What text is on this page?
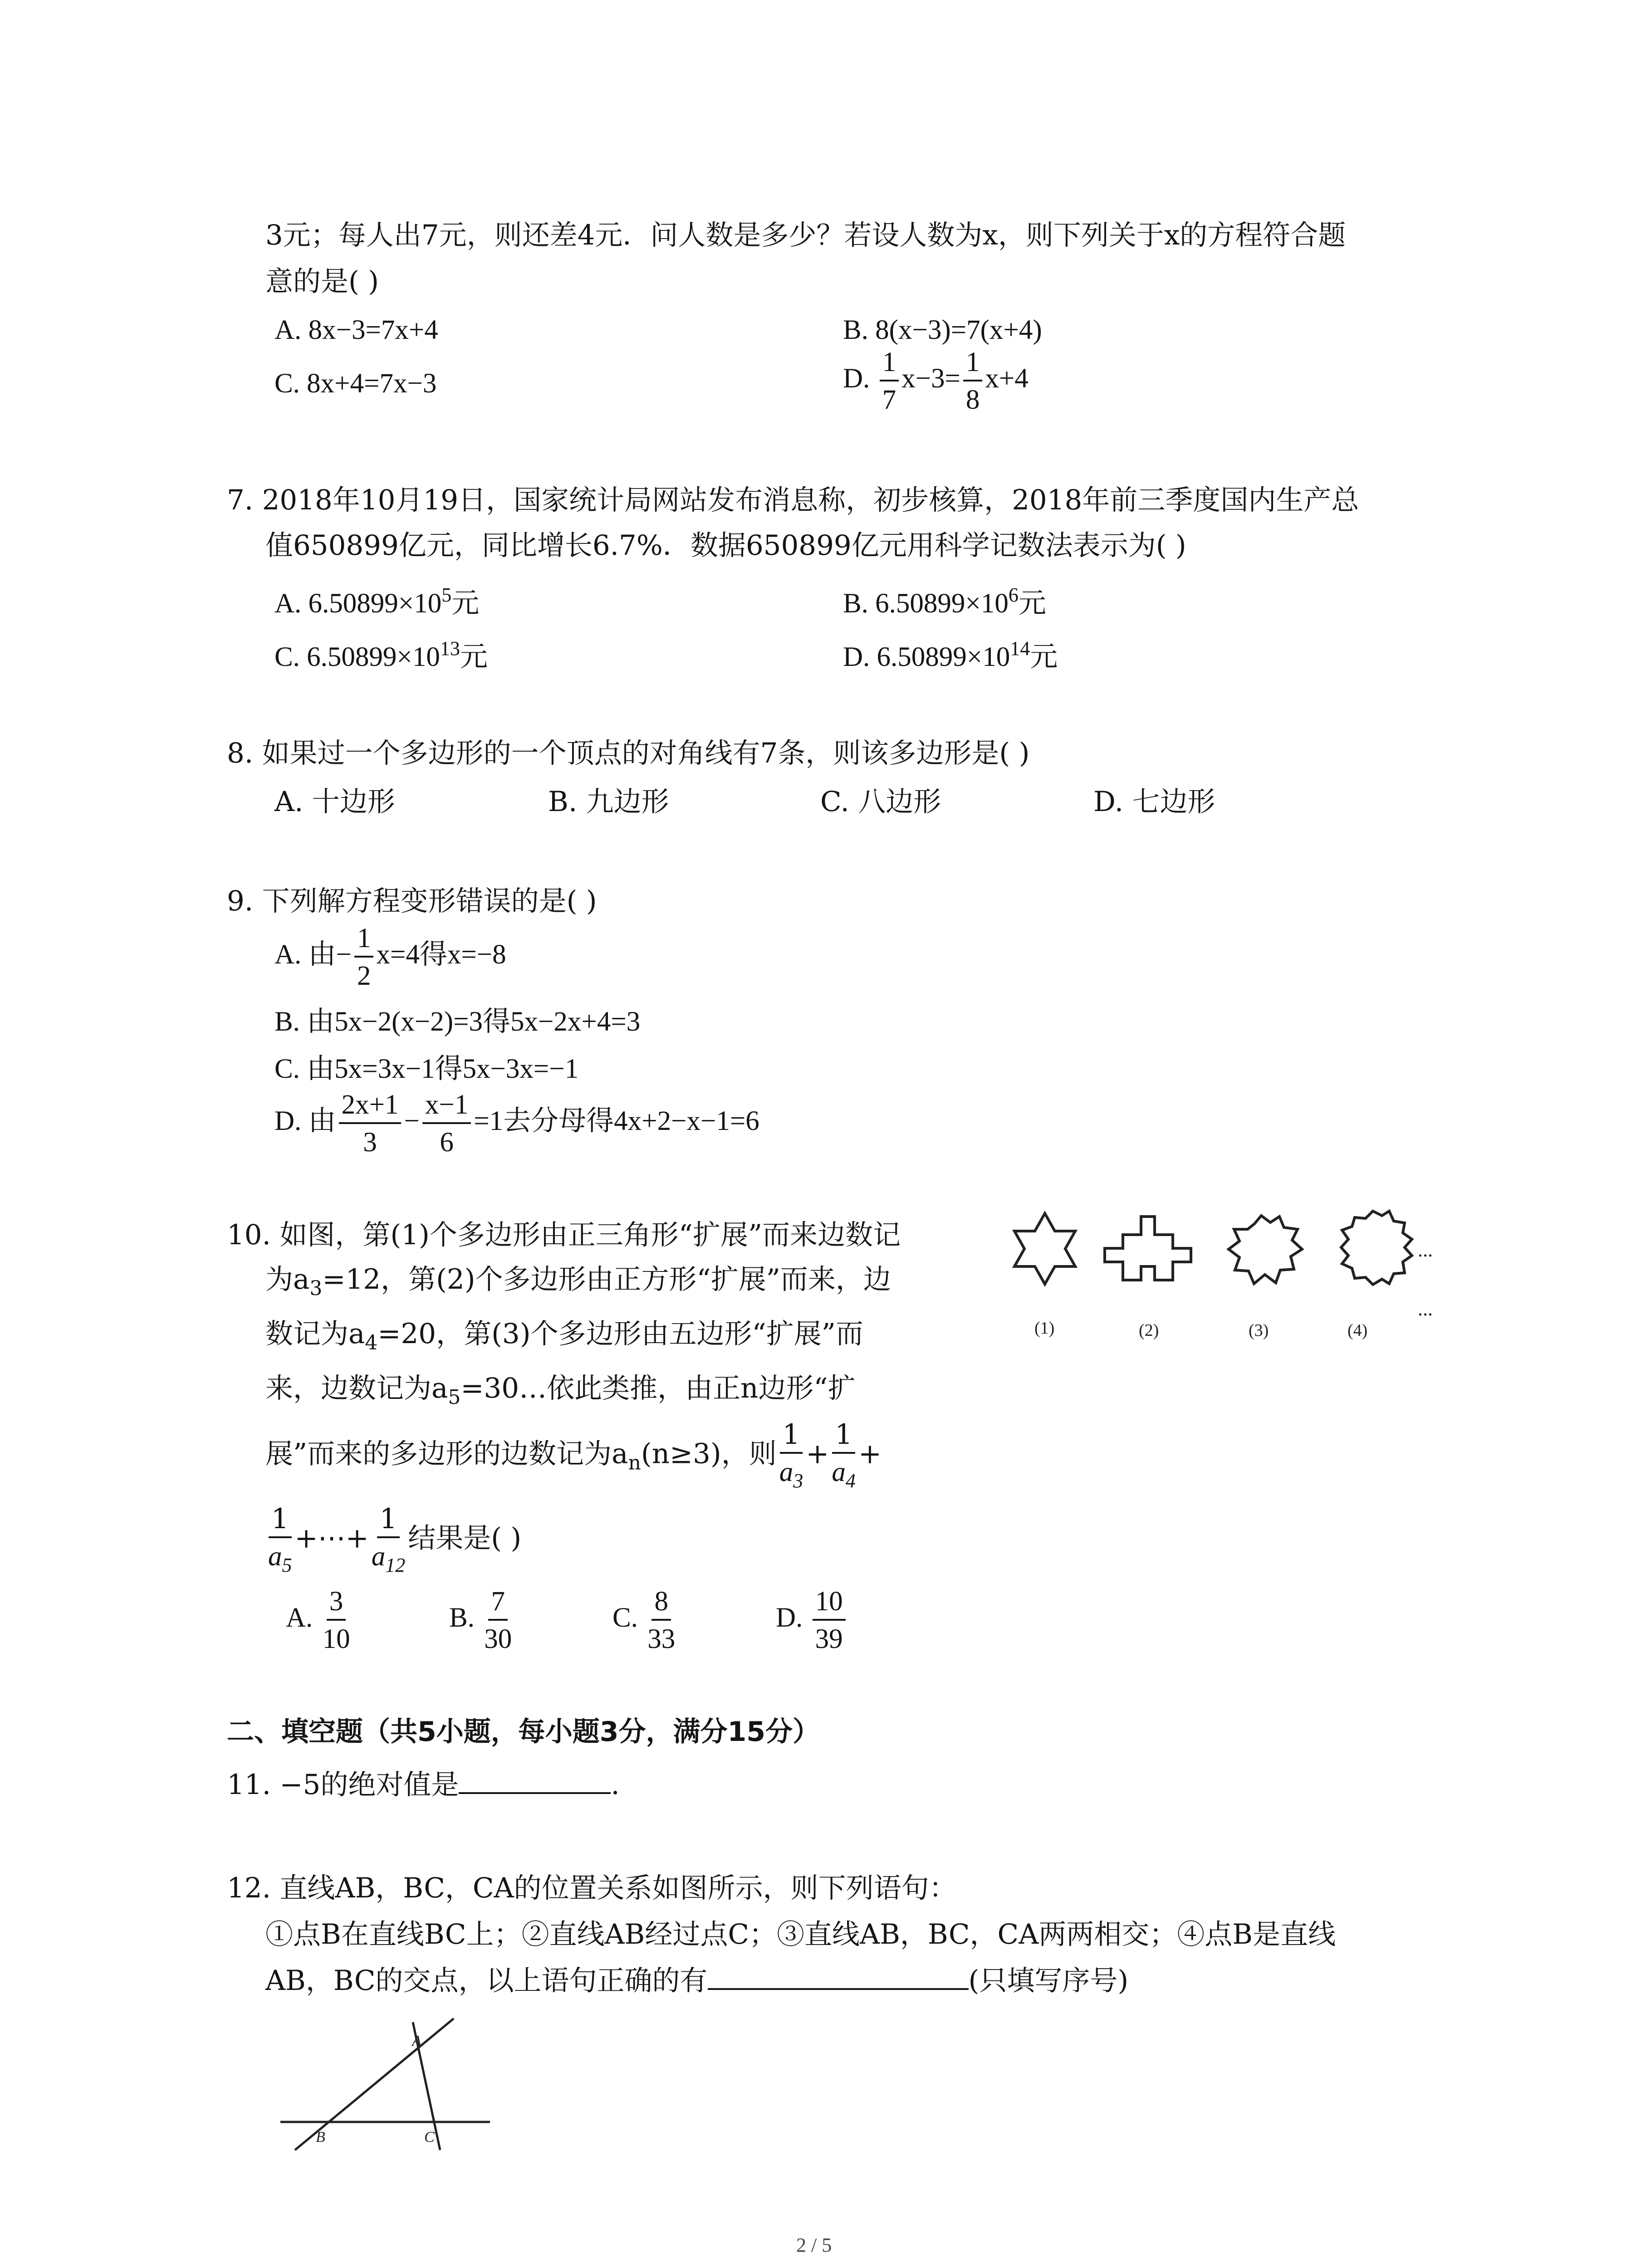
3元；每人出7元，则还差4元．问人数是多少？若设人数为x，则下列关于x的方程符合题
意的是( )
A. 8x−3=7x+4	B. 8(x−3)=7(x+4)
C. 8x+4=7x−3	D. $\frac{1}{7} x-3= \frac{1}{8} x+4$
7. 2018年10月19日，国家统计局网站发布消息称，初步核算，2018年前三季度国内生产总
值650899亿元，同比增长6.7%．数据650899亿元用科学记数法表示为( )
A. $6.50899\times 10^5$元	B. $6.50899\times 10^6$元
C. $6.50899\times 10^{13}$元	D. $6.50899\times 10^{14}$元
8. 如果过一个多边形的一个顶点的对角线有7条，则该多边形是( )
A. 十边形	B. 九边形	C. 八边形	D. 七边形
9. 下列解方程变形错误的是( )
A. 由− $\frac{1}{2} x=4$得x=−8
B. 由5x−2(x−2)=3得5x−2x+4=3
C. 由5x=3x−1得5x−3x=−1
D. 由 $\frac{2x+1}{3} - \frac{x-1}{6} =1$去分母得4x+2−x−1=6
10. 如图，第(1)个多边形由正三角形“扩展”而来边数记
为$a_3=12$，第(2)个多边形由正方形“扩展”而来，边
数记为$a_4=20$，第(3)个多边形由五边形“扩展”而
来，边数记为$a_5=30\dots$依此类推，由正n边形“扩
展”而来的多边形的边数记为$a_n(n\ge 3)$，则 $\frac{1}{a_3} + \frac{1}{a_4}$ +
$\frac{1}{a_5}$ +⋯+ $\frac{1}{a_{12}}$ 结果是( )
A. $\frac{3}{10}$	B. $\frac{7}{30}$	C. $\frac{8}{33}$	D. $\frac{10}{39}$
...
...
(1)	(2)	(3)	(4)
二、填空题（共5小题，每小题3分，满分15分）
11. −5的绝对值是	.
12. 直线AB，BC，CA的位置关系如图所示，则下列语句：
①点B在直线BC上；②直线AB经过点C；③直线AB，BC，CA两两相交；④点B是直线
AB，BC的交点，以上语句正确的有	(只填写序号)
A
B	C
2 / 5
